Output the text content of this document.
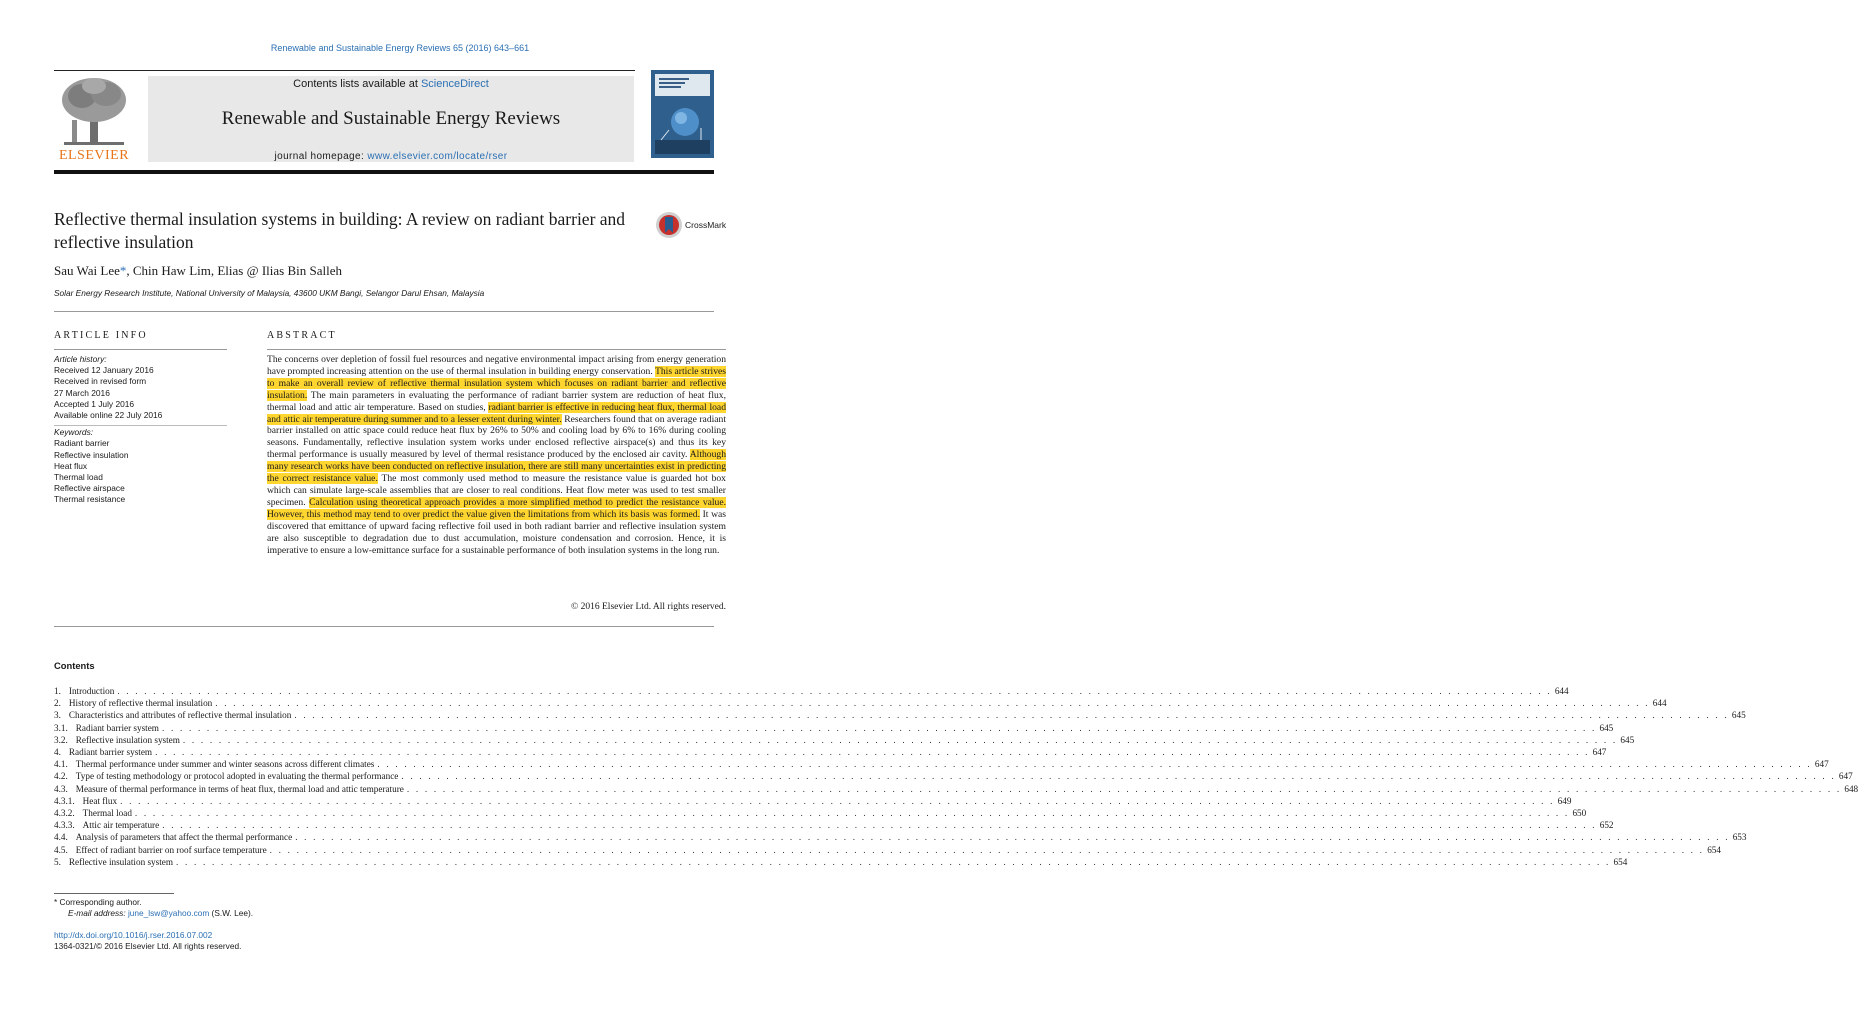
Renewable and Sustainable Energy Reviews 65 (2016) 643–661
ELSEVIER
Contents lists available at ScienceDirect
Renewable and Sustainable Energy Reviews
journal homepage: www.elsevier.com/locate/rser
Reflective thermal insulation systems in building: A review on radiant barrier and reflective insulation
CrossMark
Sau Wai Lee*, Chin Haw Lim, Elias @ Ilias Bin Salleh
Solar Energy Research Institute, National University of Malaysia, 43600 UKM Bangi, Selangor Darul Ehsan, Malaysia
ARTICLE INFO
Article history:
Received 12 January 2016
Received in revised form
27 March 2016
Accepted 1 July 2016
Available online 22 July 2016
Keywords:
Radiant barrier
Reflective insulation
Heat flux
Thermal load
Reflective airspace
Thermal resistance
ABSTRACT
The concerns over depletion of fossil fuel resources and negative environmental impact arising from energy generation have prompted increasing attention on the use of thermal insulation in building energy conservation. This article strives to make an overall review of reflective thermal insulation system which focuses on radiant barrier and reflective insulation. The main parameters in evaluating the performance of radiant barrier system are reduction of heat flux, thermal load and attic air temperature. Based on studies, radiant barrier is effective in reducing heat flux, thermal load and attic air temperature during summer and to a lesser extent during winter. Researchers found that on average radiant barrier installed on attic space could reduce heat flux by 26% to 50% and cooling load by 6% to 16% during cooling seasons. Fundamentally, reflective insulation system works under enclosed reflective airspace(s) and thus its key thermal performance is usually measured by level of thermal resistance produced by the enclosed air cavity. Although many research works have been conducted on reflective insulation, there are still many uncertainties exist in predicting the correct resistance value. The most commonly used method to measure the resistance value is guarded hot box which can simulate large-scale assemblies that are closer to real conditions. Heat flow meter was used to test smaller specimen. Calculation using theoretical approach provides a more simplified method to predict the resistance value. However, this method may tend to over predict the value given the limitations from which its basis was formed. It was discovered that emittance of upward facing reflective foil used in both radiant barrier and reflective insulation system are also susceptible to degradation due to dust accumulation, moisture condensation and corrosion. Hence, it is imperative to ensure a low-emittance surface for a sustainable performance of both insulation systems in the long run.
© 2016 Elsevier Ltd. All rights reserved.
Contents
1. Introduction . . . . . . . . . . . . . . . . . . . . . . . . . . . . . . . . . . . . . . . . . . . . . . . . . . . . . . . . . . . . . . . . . . . . . . . . . . . . . . . . . . . . . . . . . . . . . . . . . . . . . . . . . . . . . . . . . . . . . . . . . . . . . . . . . . . . . . . . . . . . . . . . . . . . . . . . . . . . . . . . 644
2. History of reflective thermal insulation . . . . . . . . . . . . . . . . . . . . . . . . . . . . . . . . . . . . . . . . . . . . . . . . . . . . . . . . . . . . . . . . . . . . . . . . . . . . . . . . . . . . . . . . . . . . . . . . . . . . . . . . . . . . . . . . . . . . . . . . . . . . . . . . . . . . . . . . . . . . . . . . . . . . . . . . . . . . . . . . 644
3. Characteristics and attributes of reflective thermal insulation . . . . . . . . . . . . . . . . . . . . . . . . . . . . . . . . . . . . . . . . . . . . . . . . . . . . . . . . . . . . . . . . . . . . . . . . . . . . . . . . . . . . . . . . . . . . . . . . . . . . . . . . . . . . . . . . . . . . . . . . . . . . . . . . . . . . . . . . . . . . . . . . . . . . . . . . . . . . . . . . 645
3.1. Radiant barrier system . . . . . . . . . . . . . . . . . . . . . . . . . . . . . . . . . . . . . . . . . . . . . . . . . . . . . . . . . . . . . . . . . . . . . . . . . . . . . . . . . . . . . . . . . . . . . . . . . . . . . . . . . . . . . . . . . . . . . . . . . . . . . . . . . . . . . . . . . . . . . . . . . . . . . . . . . . . . . . . . 645
3.2. Reflective insulation system . . . . . . . . . . . . . . . . . . . . . . . . . . . . . . . . . . . . . . . . . . . . . . . . . . . . . . . . . . . . . . . . . . . . . . . . . . . . . . . . . . . . . . . . . . . . . . . . . . . . . . . . . . . . . . . . . . . . . . . . . . . . . . . . . . . . . . . . . . . . . . . . . . . . . . . . . . . . . . . . 645
4. Radiant barrier system . . . . . . . . . . . . . . . . . . . . . . . . . . . . . . . . . . . . . . . . . . . . . . . . . . . . . . . . . . . . . . . . . . . . . . . . . . . . . . . . . . . . . . . . . . . . . . . . . . . . . . . . . . . . . . . . . . . . . . . . . . . . . . . . . . . . . . . . . . . . . . . . . . . . . . . . . . . . . . . . 647
4.1. Thermal performance under summer and winter seasons across different climates . . . . . . . . . . . . . . . . . . . . . . . . . . . . . . . . . . . . . . . . . . . . . . . . . . . . . . . . . . . . . . . . . . . . . . . . . . . . . . . . . . . . . . . . . . . . . . . . . . . . . . . . . . . . . . . . . . . . . . . . . . . . . . . . . . . . . . . . . . . . . . . . . . . . . . . . . . . . . . . . 647
4.2. Type of testing methodology or protocol adopted in evaluating the thermal performance . . . . . . . . . . . . . . . . . . . . . . . . . . . . . . . . . . . . . . . . . . . . . . . . . . . . . . . . . . . . . . . . . . . . . . . . . . . . . . . . . . . . . . . . . . . . . . . . . . . . . . . . . . . . . . . . . . . . . . . . . . . . . . . . . . . . . . . . . . . . . . . . . . . . . . . . . . . . . . . . 647
4.3. Measure of thermal performance in terms of heat flux, thermal load and attic temperature . . . . . . . . . . . . . . . . . . . . . . . . . . . . . . . . . . . . . . . . . . . . . . . . . . . . . . . . . . . . . . . . . . . . . . . . . . . . . . . . . . . . . . . . . . . . . . . . . . . . . . . . . . . . . . . . . . . . . . . . . . . . . . . . . . . . . . . . . . . . . . . . . . . . . . . . . . . . . . . . 648
4.3.1. Heat flux . . . . . . . . . . . . . . . . . . . . . . . . . . . . . . . . . . . . . . . . . . . . . . . . . . . . . . . . . . . . . . . . . . . . . . . . . . . . . . . . . . . . . . . . . . . . . . . . . . . . . . . . . . . . . . . . . . . . . . . . . . . . . . . . . . . . . . . . . . . . . . . . . . . . . . . . . . . . . . . . 649
4.3.2. Thermal load . . . . . . . . . . . . . . . . . . . . . . . . . . . . . . . . . . . . . . . . . . . . . . . . . . . . . . . . . . . . . . . . . . . . . . . . . . . . . . . . . . . . . . . . . . . . . . . . . . . . . . . . . . . . . . . . . . . . . . . . . . . . . . . . . . . . . . . . . . . . . . . . . . . . . . . . . . . . . . . . 650
4.3.3. Attic air temperature . . . . . . . . . . . . . . . . . . . . . . . . . . . . . . . . . . . . . . . . . . . . . . . . . . . . . . . . . . . . . . . . . . . . . . . . . . . . . . . . . . . . . . . . . . . . . . . . . . . . . . . . . . . . . . . . . . . . . . . . . . . . . . . . . . . . . . . . . . . . . . . . . . . . . . . . . . . . . . . . 652
4.4. Analysis of parameters that affect the thermal performance . . . . . . . . . . . . . . . . . . . . . . . . . . . . . . . . . . . . . . . . . . . . . . . . . . . . . . . . . . . . . . . . . . . . . . . . . . . . . . . . . . . . . . . . . . . . . . . . . . . . . . . . . . . . . . . . . . . . . . . . . . . . . . . . . . . . . . . . . . . . . . . . . . . . . . . . . . . . . . . . 653
4.5. Effect of radiant barrier on roof surface temperature . . . . . . . . . . . . . . . . . . . . . . . . . . . . . . . . . . . . . . . . . . . . . . . . . . . . . . . . . . . . . . . . . . . . . . . . . . . . . . . . . . . . . . . . . . . . . . . . . . . . . . . . . . . . . . . . . . . . . . . . . . . . . . . . . . . . . . . . . . . . . . . . . . . . . . . . . . . . . . . . 654
5. Reflective insulation system . . . . . . . . . . . . . . . . . . . . . . . . . . . . . . . . . . . . . . . . . . . . . . . . . . . . . . . . . . . . . . . . . . . . . . . . . . . . . . . . . . . . . . . . . . . . . . . . . . . . . . . . . . . . . . . . . . . . . . . . . . . . . . . . . . . . . . . . . . . . . . . . . . . . . . . . . . . . . . . . 654
* Corresponding author.
E-mail address: june_lsw@yahoo.com (S.W. Lee).
http://dx.doi.org/10.1016/j.rser.2016.07.002
1364-0321/© 2016 Elsevier Ltd. All rights reserved.
